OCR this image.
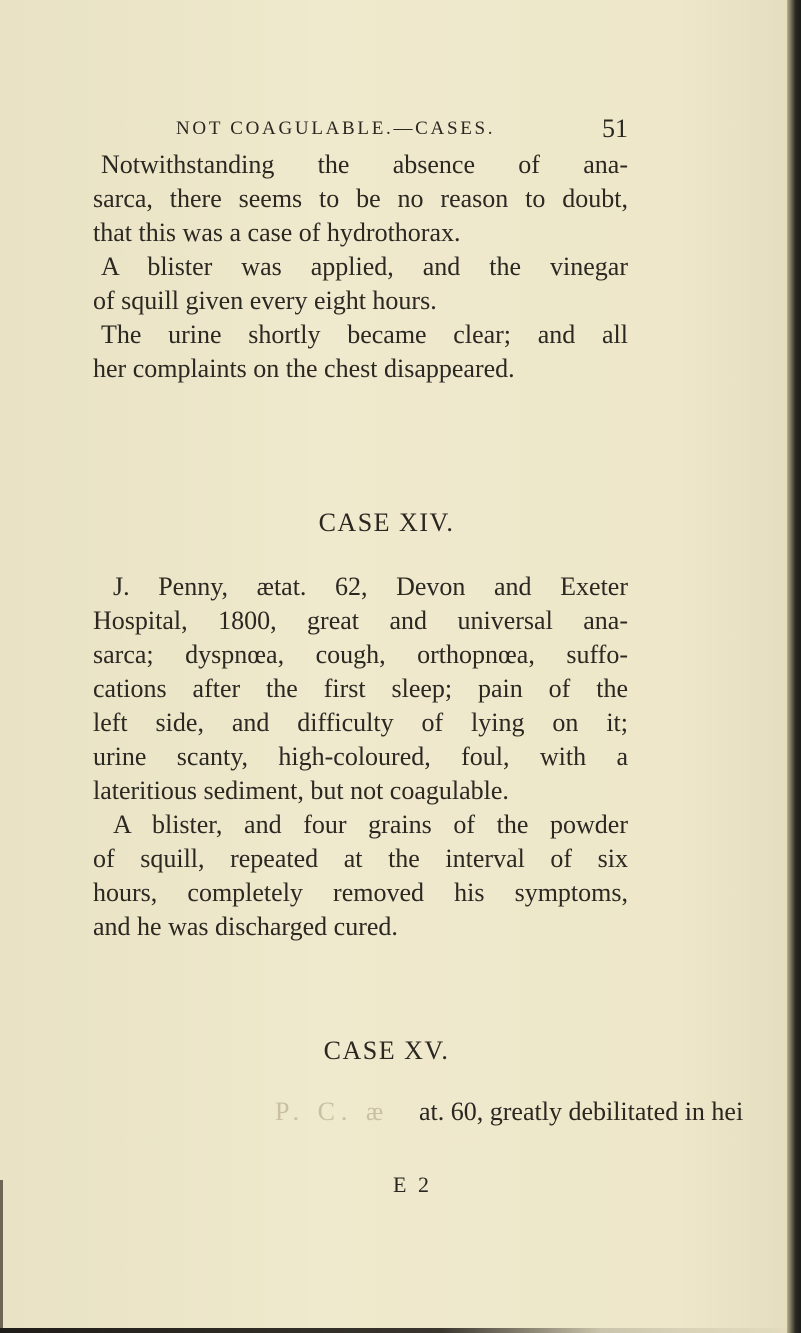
NOT COAGULABLE.—CASES.	51
Notwithstanding the absence of ana-
sarca, there seems to be no reason to doubt,
that this was a case of hydrothorax.
A blister was applied, and the vinegar
of squill given every eight hours.
The urine shortly became clear; and all
her complaints on the chest disappeared.
CASE XIV.
J. Penny, ætat. 62, Devon and Exeter
Hospital, 1800, great and universal ana-
sarca; dyspnœa, cough, orthopnœa, suffo-
cations after the first sleep; pain of the
left side, and difficulty of lying on it;
urine scanty, high-coloured, foul, with a
lateritious sediment, but not coagulable.
A blister, and four grains of the powder
of squill, repeated at the interval of six
hours, completely removed his symptoms,
and he was discharged cured.
CASE XV.
P. C. æ at. 60, greatly debilitated in hei
E 2
